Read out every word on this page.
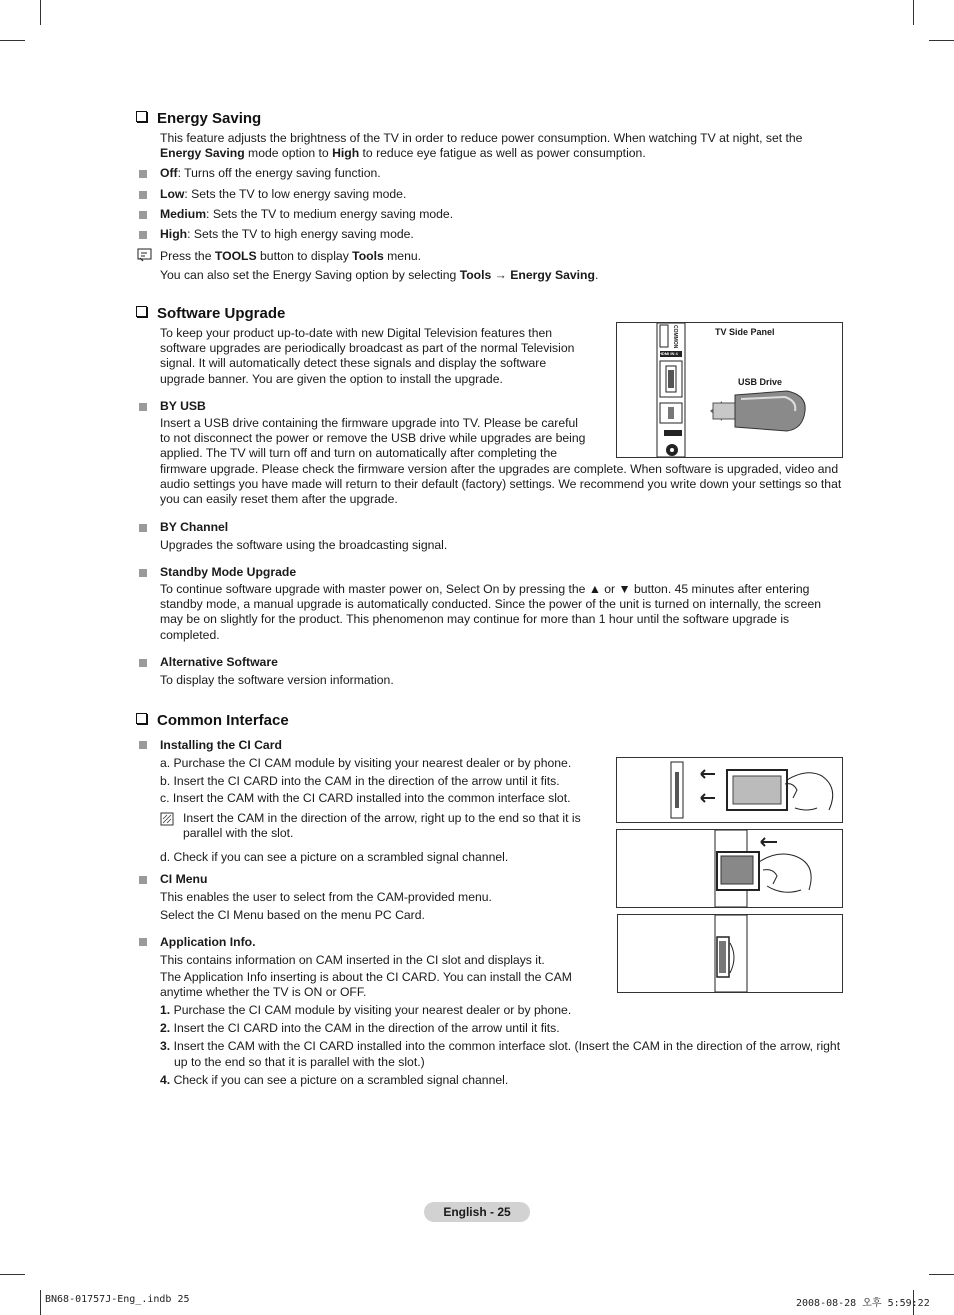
Energy Saving
This feature adjusts the brightness of the TV in order to reduce power consumption. When watching TV at night, set the
Energy Saving mode option to High to reduce eye fatigue as well as power consumption.
Off: Turns off the energy saving function.
Low: Sets the TV to low energy saving mode.
Medium: Sets the TV to medium energy saving mode.
High: Sets the TV to high energy saving mode.
Press the TOOLS button to display Tools menu.
You can also set the Energy Saving option by selecting Tools → Energy Saving.
Software Upgrade
To keep your product up-to-date with new Digital Television features then
software upgrades are periodically broadcast as part of the normal Television
signal. It will automatically detect these signals and display the software
upgrade banner. You are given the option to install the upgrade.
TV Side Panel
USB Drive
HDMI IN 4
COMMON
BY USB
Insert a USB drive containing the firmware upgrade into TV. Please be careful
to not disconnect the power or remove the USB drive while upgrades are being
applied. The TV will turn off and turn on automatically after completing the
firmware upgrade. Please check the firmware version after the upgrades are complete. When software is upgraded, video and
audio settings you have made will return to their default (factory) settings. We recommend you write down your settings so that
you can easily reset them after the upgrade.
BY Channel
Upgrades the software using the broadcasting signal.
Standby Mode Upgrade
To continue software upgrade with master power on, Select On by pressing the ▲ or ▼ button. 45 minutes after entering
standby mode, a manual upgrade is automatically conducted. Since the power of the unit is turned on internally, the screen
may be on slightly for the product. This phenomenon may continue for more than 1 hour until the software upgrade is
completed.
Alternative Software
To display the software version information.
Common Interface
Installing the CI Card
a. Purchase the CI CAM module by visiting your nearest dealer or by phone.
b. Insert the CI CARD into the CAM in the direction of the arrow until it fits.
c. Insert the CAM with the CI CARD installed into the common interface slot.
Insert the CAM in the direction of the arrow, right up to the end so that it is
parallel with the slot.
d. Check if you can see a picture on a scrambled signal channel.
CI Menu
This enables the user to select from the CAM-provided menu.
Select the CI Menu based on the menu PC Card.
Application Info.
This contains information on CAM inserted in the CI slot and displays it.
The Application Info inserting is about the CI CARD. You can install the CAM
anytime whether the TV is ON or OFF.
1. Purchase the CI CAM module by visiting your nearest dealer or by phone.
2. Insert the CI CARD into the CAM in the direction of the arrow until it fits.
3. Insert the CAM with the CI CARD installed into the common interface slot. (Insert the CAM in the direction of the arrow, right
up to the end so that it is parallel with the slot.)
4. Check if you can see a picture on a scrambled signal channel.
English - 25
BN68-01757J-Eng_.indb 25	2008-08-28 오후 5:59:22
